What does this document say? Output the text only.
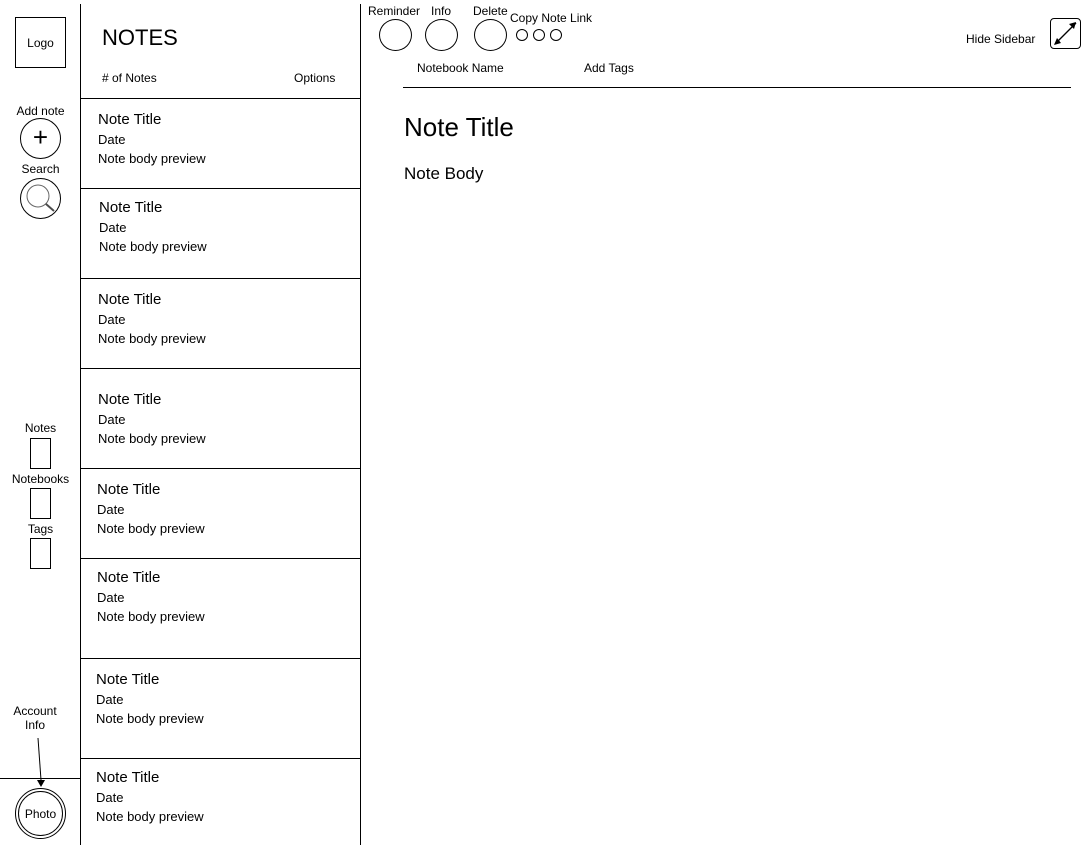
Logo
Add note
+
Search
Notes
Notebooks
Tags
Account
Info
Photo
NOTES
# of Notes	Options
Note Title
Date
Note body preview
Note Title
Date
Note body preview
Note Title
Date
Note body preview
Note Title
Date
Note body preview
Note Title
Date
Note body preview
Note Title
Date
Note body preview
Note Title
Date
Note body preview
Note Title
Date
Note body preview
Reminder Info Delete Copy Note Link
Hide Sidebar
Notebook Name	Add Tags
Note Title
Note Body
